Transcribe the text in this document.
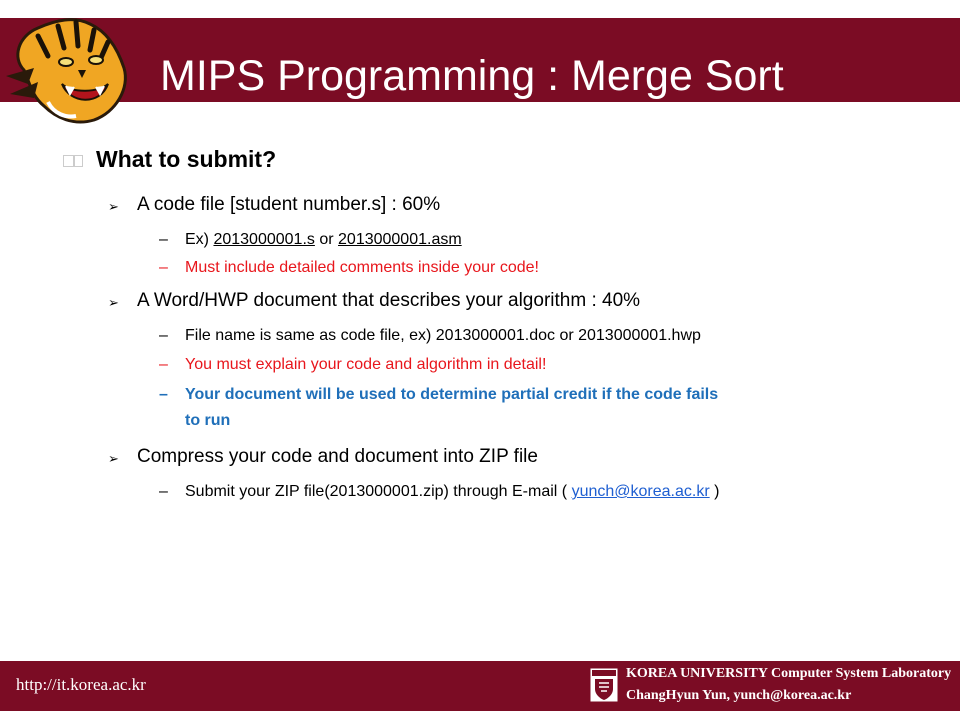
MIPS Programming : Merge Sort
What to submit?
➢ A code file [student number.s] : 60%
– Ex) 2013000001.s or 2013000001.asm
– Must include detailed comments inside your code!
➢ A Word/HWP document that describes your algorithm : 40%
– File name is same as code file, ex) 2013000001.doc or 2013000001.hwp
– You must explain your code and algorithm in detail!
– Your document will be used to determine partial credit if the code fails
to run
➢ Compress your code and document into ZIP file
– Submit your ZIP file(2013000001.zip) through E-mail ( yunch@korea.ac.kr )
http://it.korea.ac.kr
KOREA UNIVERSITY Computer System Laboratory
ChangHyun Yun, yunch@korea.ac.kr
